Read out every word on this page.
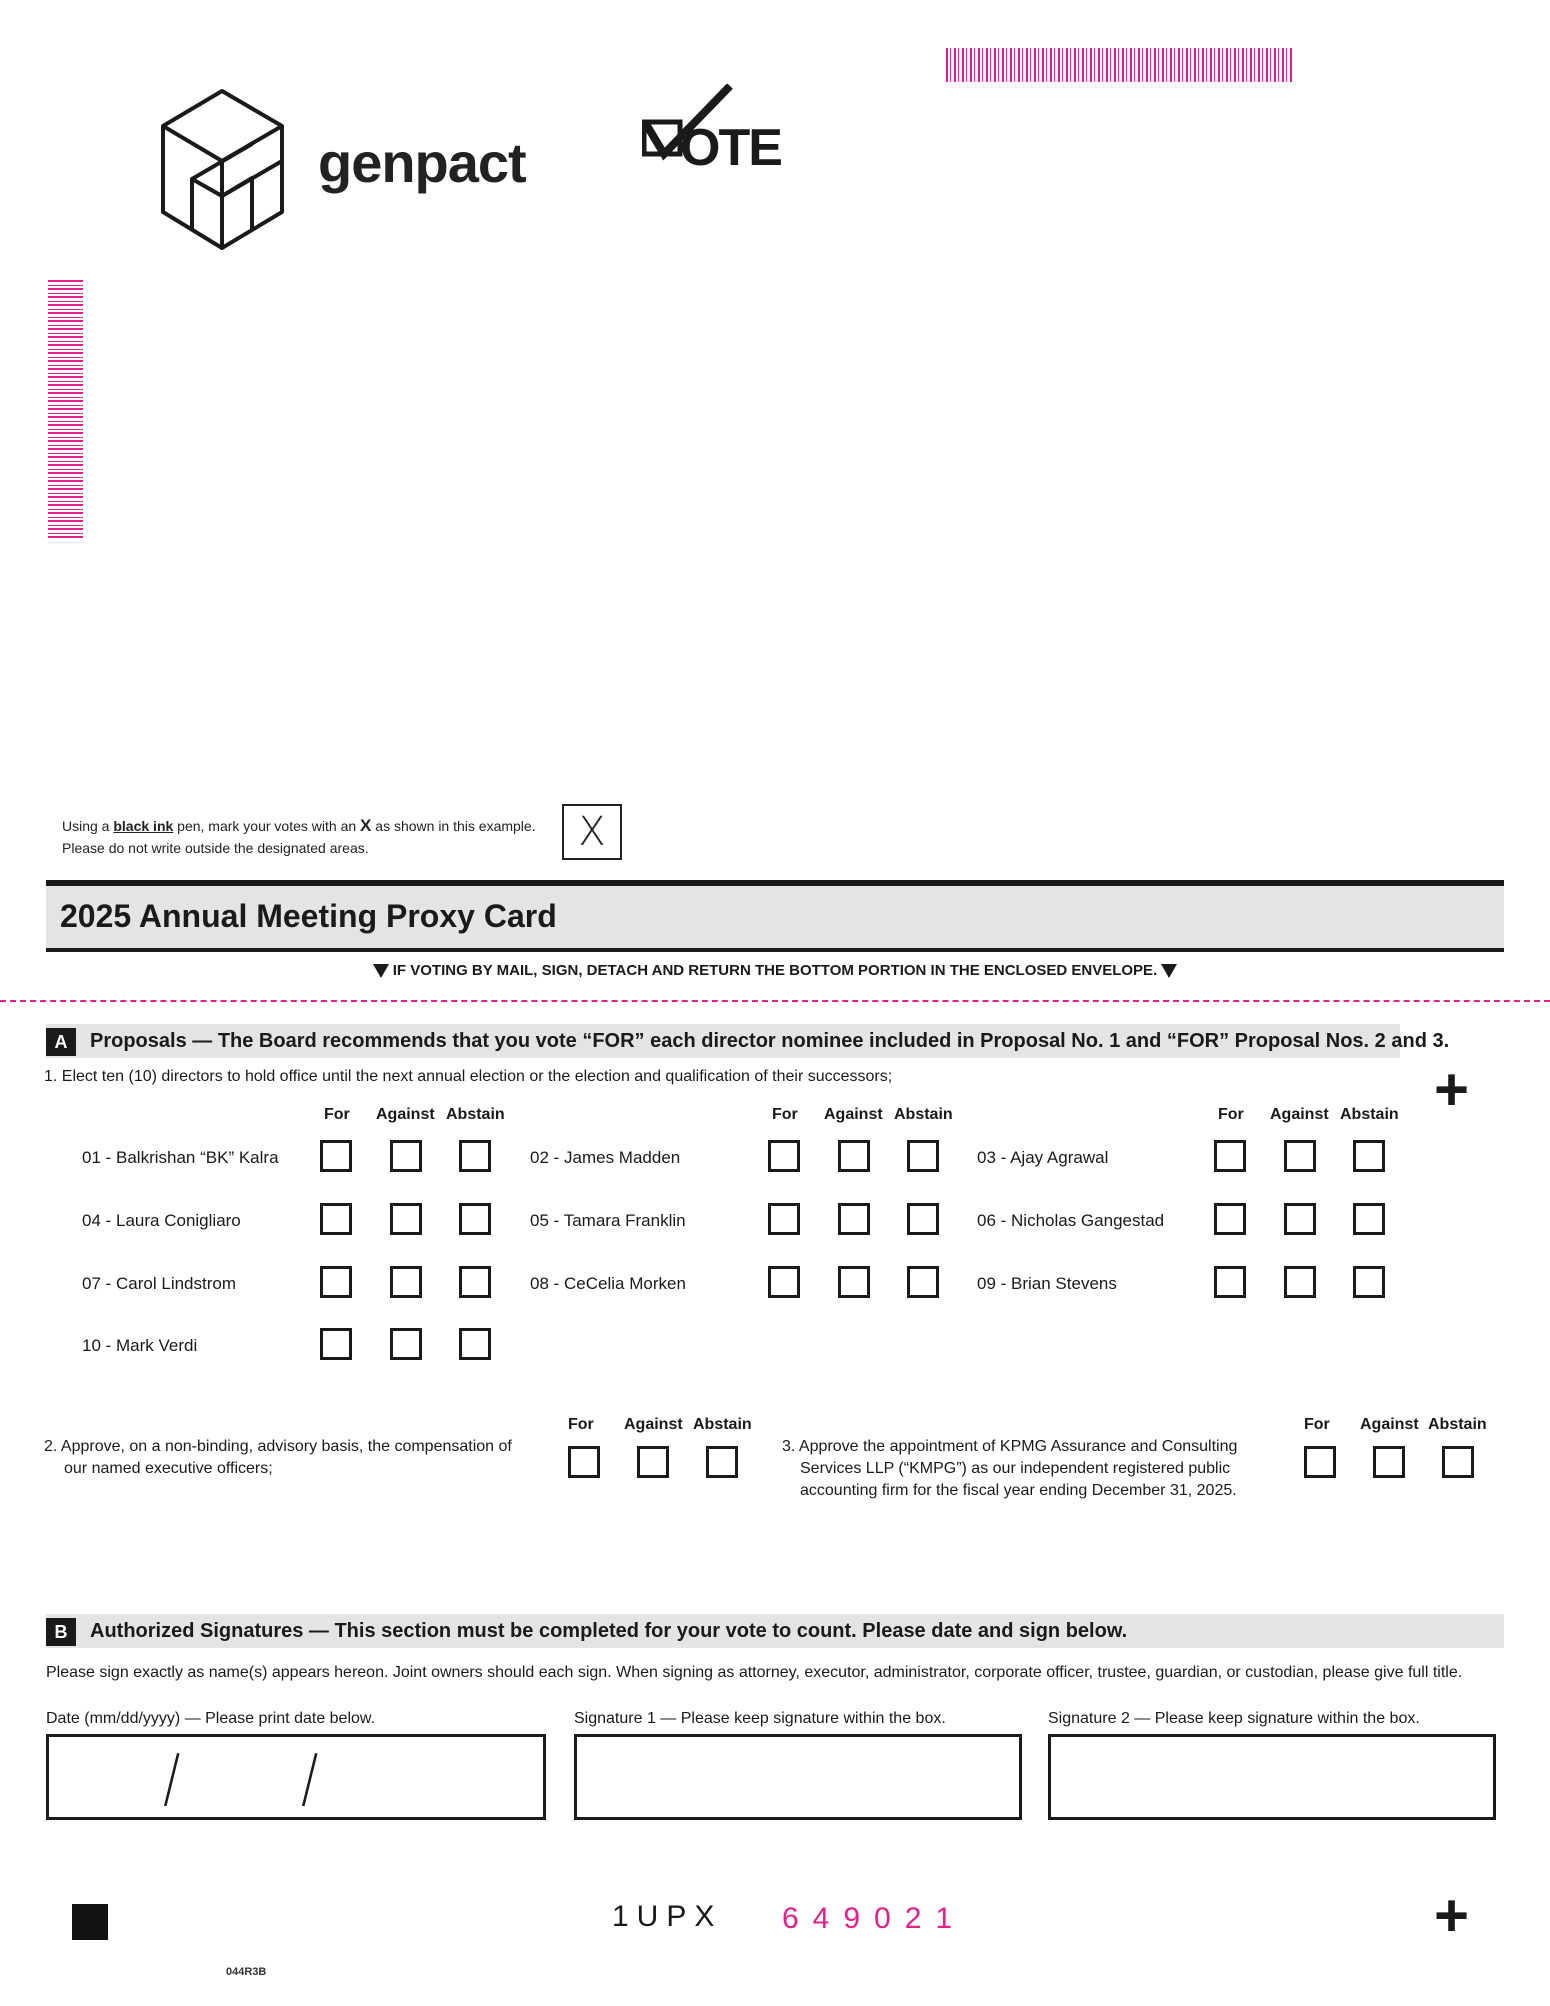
genpact	OTE
Using a black ink pen, mark your votes with an X as shown in this example.
Please do not write outside the designated areas.	X
2025 Annual Meeting Proxy Card
IF VOTING BY MAIL, SIGN, DETACH AND RETURN THE BOTTOM PORTION IN THE ENCLOSED ENVELOPE.
A	Proposals — The Board recommends that you vote “FOR” each director nominee included in Proposal No. 1 and “FOR” Proposal Nos. 2 and 3.
1. Elect ten (10) directors to hold office until the next annual election or the election and qualification of their successors;	+
For Against Abstain	For Against Abstain	For Against Abstain
01 - Balkrishan “BK” Kalra	02 - James Madden	03 - Ajay Agrawal
04 - Laura Conigliaro	05 - Tamara Franklin	06 - Nicholas Gangestad
07 - Carol Lindstrom	08 - CeCelia Morken	09 - Brian Stevens
10 - Mark Verdi
2. Approve, on a non-binding, advisory basis, the compensation of
our named executive officers;
For Against Abstain
3. Approve the appointment of KPMG Assurance and Consulting
Services LLP (“KMPG”) as our independent registered public
accounting firm for the fiscal year ending December 31, 2025.
For Against Abstain
B	Authorized Signatures — This section must be completed for your vote to count. Please date and sign below.
Please sign exactly as name(s) appears hereon. Joint owners should each sign. When signing as attorney, executor, administrator, corporate officer, trustee, guardian, or custodian, please give full title.
Date (mm/dd/yyyy) — Please print date below.	Signature 1 — Please keep signature within the box.	Signature 2 — Please keep signature within the box.
/ /
1UPX 649021	+
044R3B
